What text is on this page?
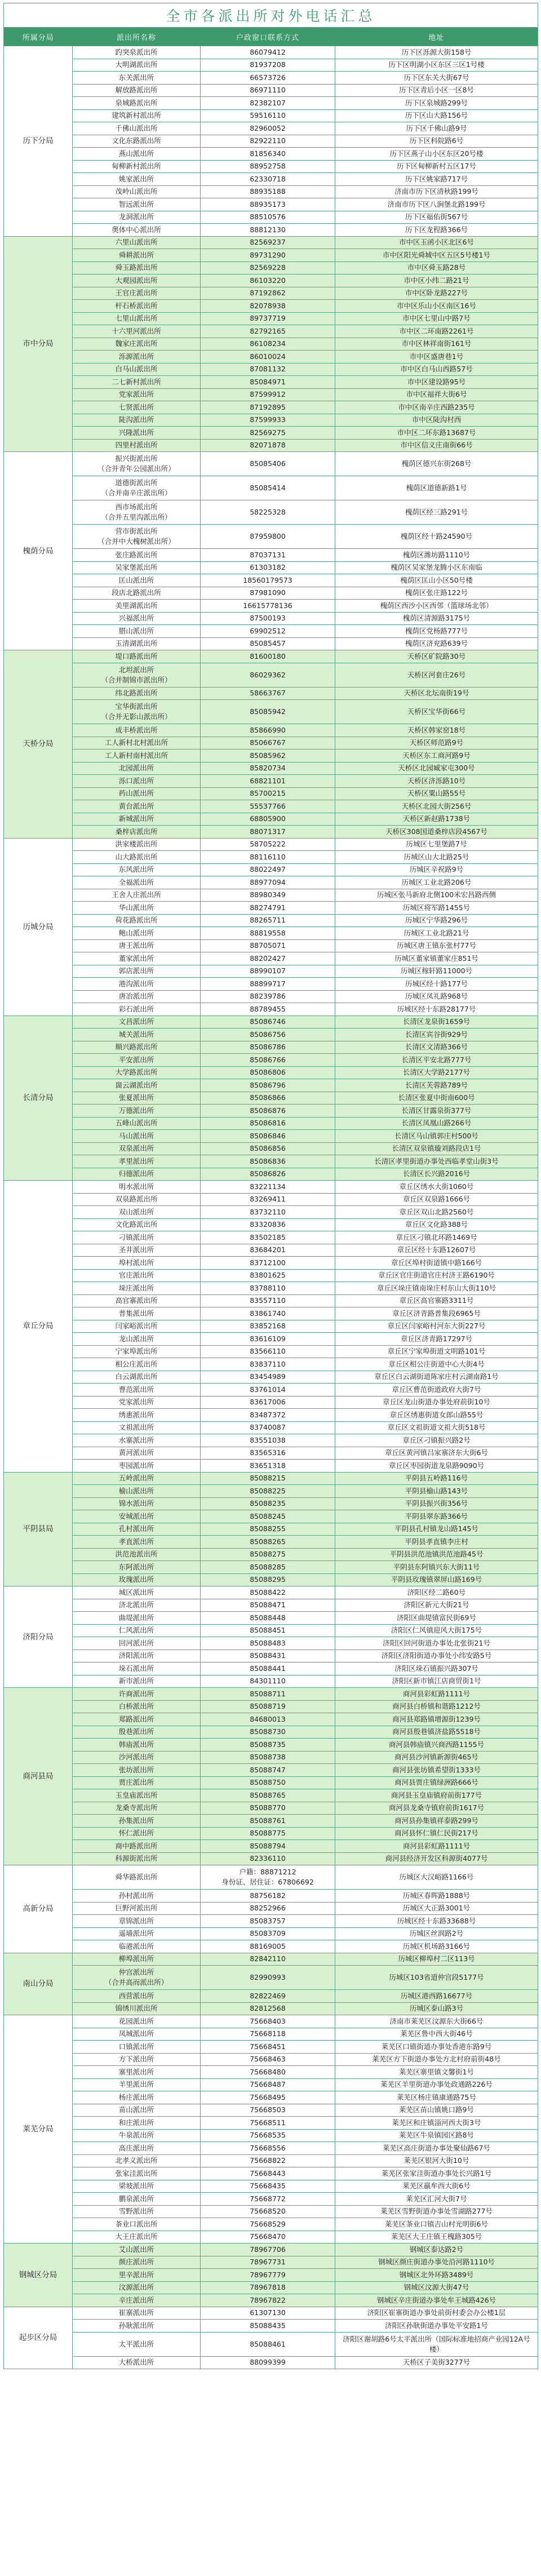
全市各派出所对外电话汇总			
所属分局	派出所名称	户政窗口联系方式	地址
历下分局	趵突泉派出所	86079412	历下区泺源大街158号

	大明湖派出所	81937208	历下区明湖小区东区三区1号楼

	东关派出所	66573726	历下区东关大街67号

	解放路派出所	86971110	历下区青后小区一区8号

	泉城路派出所	82382107	历下区泉城路299号

	建筑新村派出所	59516110	历下区山大路156号

	千佛山派出所	82960052	历下区千佛山路9号

	文化东路派出所	82922110	历下区科院路6号

	燕山派出所	81856340	历下区燕子山小区东区20号楼

	甸柳新村派出所	88952758	历下区甸柳新村五区17号

	姚家派出所	62330718	历下区姚家路717号

	茂岭山派出所	88935188	济南市历下区清秋路199号

	智远派出所	88935173	济南市历下区八涧堡北路199号

	龙洞派出所	88510576	历下区福佑街567号

	奥体中心派出所	88812130	历下区龙程路366号
市中分局	六里山派出所	82569237	市中区玉函小区北区6号

	舜耕派出所	89731290	市中区阳光舜城中区五区5号楼1号

	舜玉路派出所	82569228	市中区舜玉路28号

	大观园派出所	86103220	市中区小纬二路21号

	王官庄派出所	87192862	市中区卧龙路227号

	杆石桥派出所	82078938	市中区乐山小区南区16号

	七里山派出所	89737719	市中区七里山中路7号

	十六里河派出所	82792165	市中区二环南路2261号

	魏家庄派出所	86108234	市中区林祥南街161号

	泺源派出所	86010024	市中区盛唐巷1号

	白马山派出所	87081132	市中区白马山西路57号

	二七新村派出所	85084971	市中区建设路95号

	党家派出所	87599912	市中区福祥大街6号

	七贤派出所	87192895	市中区南辛庄西路235号

	陡沟派出所	87599933	市中区陡沟村西

	兴隆派出所	82569275	市中区二环东路13687号

	四里村派出所	82071878	市中区信义庄南街66号
槐荫分局	振兴街派出所
（合并青年公园派出所）	85085406	槐荫区德兴东街268号

	道德街派出所
（合并南辛庄派出所）	85085414	槐荫区道德新路1号

	西市场派出所
（合并五里沟派出所）	58225328	槐荫区经三路291号

	营市街派出所
（合并中大槐树派出所）	87959800	槐荫区经十路24590号

	张庄路派出所	87037131	槐荫区潍坊路1110号

	吴家堡派出所	61303182	槐荫区吴家堡龙腾小区东南临

	匡山派出所	18560179573	槐荫区匡山小区50号楼

	段店北路派出所	87981090	槐荫区张庄路122号

	美里湖派出所	16615778136	槐荫区西沙小区西邻（篮球场北邻）

	兴福派出所	87500193	槐荫区清源路3175号

	腊山派出所	69902512	槐荫区党杨路777号

	玉清湖派出所	85085457	槐荫区济兖路639号
天桥分局	堤口路派出所	81600180	天桥区矿院路30号

	北坦派出所
（合并制锦市派出所）	86029362	天桥区河套庄26号

	纬北路派出所	58663767	天桥区北坛南街19号

	宝华街派出所
（合并无影山派出所）	85085942	天桥区宝华街66号

	成丰桥派出所	85866990	天桥区韩家窑18号

	工人新村北村派出所	85066767	天桥区师范路9号

	工人新村南村派出所	85085962	天桥区东工商河路9号

	北园派出所	85820734	天桥区北园臧家屯300号

	泺口派出所	68821101	天桥区济泺路10号

	药山派出所	85700215	天桥区粟山路55号

	黄台派出所	55537766	天桥区北园大街256号

	新城派出所	68805900	天桥区新赵路1738号

	桑梓店派出所	88071317	天桥区308国道桑梓店段4567号
历城分局	洪家楼派出所	58705222	历城区七里堡路7号

	山大路派出所	88116110	历城区山大北路25号

	东风派出所	88022497	历城区辛祝路9号

	全福派出所	88977094	历城区工业北路206号

	王舍人庄派出所	88980349	历城区张马新府北侧100米宏昌路西侧

	华山派出所	88274791	历城区将军路1455号

	荷花路派出所	88265711	历城区宁华路296号

	鲍山派出所	88819558	历城区工业北路21号

	唐王派出所	88705071	历城区唐王镇东张村77号

	董家派出所	88202427	历城区董家镇董家庄851号

	郭店派出所	88990107	历城区稼轩路11000号

	港沟派出所	88899717	历城区经十路177号

	唐冶派出所	88239786	历城区凤礼路968号

	彩石派出所	88789455	历城区经十东路28177号
长清分局	文昌派出所	85086746	长清区龙泉街1659号

	城关派出所	85086756	长清区宾谷街929号

	顺兴路派出所	85086786	长清区文清路366号

	平安派出所	85086766	长清区平安北路777号

	大学路派出所	85086806	长清区大学路2177号

	崮云湖派出所	85086796	长清区芙蓉路789号

	张夏派出所	85086866	长清区张夏中街南600号

	万德派出所	85086876	长清区甘露泉街377号

	五峰山派出所	85086816	长清区凤凰山路266号

	马山派出所	85086846	长清区马山镇郭庄村500号

	双泉派出所	85086856	长清区双泉镇璇刘路段店1号

	孝里派出所	85086836	长清区孝里街道办事处西临孝堂山街3号

	归德派出所	85086826	长清区长兴路2016号
章丘分局	明水派出所	83221134	章丘区绣水大街1060号

	双泉路派出所	83269411	章丘区双泉路1666号

	双山派出所	83732110	章丘区双山北路2560号

	文化路派出所	83320836	章丘区文化路388号

	刁镇派出所	83502185	章丘区刁镇北环路1469号

	圣井派出所	83684201	章丘区经十东路12607号

	埠村派出所	83712100	章丘区埠村街道镇中路166号

	官庄派出所	83801625	章丘区官庄街道官庄村济王路6190号

	垛庄派出所	83788110	章丘区垛庄镇南垛庄村东山大街110号

	高官寨派出所	83557110	章丘区高官寨路3311号

	普集派出所	83861740	章丘区济青路普集段6965号

	闫家峪派出所	83852168	章丘区闫家峪村河东大街227号

	龙山派出所	83616109	章丘区济青路17297号

	宁家埠派出所	83566110	章丘区宁家埠街道文明路101号

	相公庄派出所	83837110	章丘区相公庄街道中心大街4号

	白云湖派出所	83454989	章丘区白云湖街道陈家庄村云湖南路1号

	曹范派出所	83761014	章丘区曹范街道政府大街7号

	党家派出所	83617006	章丘区龙山街道办事处府前街10号

	绣惠派出所	83487372	章丘区绣惠街道女郎山路55号

	文祖派出所	83740087	章丘区文祖街道文祖大街518号

	水寨派出所	83551038	章丘区刁镇振兴路2号

	黄河派出所	83565316	章丘区黄河镇吕家寨济东大街6号

	枣园派出所	83651318	章丘区枣园街道龙泉路9090号
平阴县局	五岭派出所	85088215	平阴县五岭路116号

	榆山派出所	85088225	平阴县榆山路143号

	锦水派出所	85088235	平阴县振兴街356号

	安城派出所	85088245	平阴县翠东路366号

	孔村派出所	85088255	平阴县孔村镇龙山路145号

	孝直派出所	85088265	平阴县孝直镇李庄村

	洪范池派出所	85088275	平阴县洪范池镇洪范池路45号

	东阿派出所	85088285	平阴县东阿镇兴东大街11号

	玫瑰派出所	85088295	平阴县玫瑰镇翠屏山路169号
济阳分局	城区派出所	85088422	济阳区经二路60号

	济北派出所	85088471	济阳区新元大街21号

	曲堤派出所	85088448	济阳区曲堤镇富民街69号

	仁风派出所	85088451	济阳区仁风镇迎风大街175号

	回河派出所	85088483	济阳区回河街道办事处北张街21号

	济阳派出所	85088431	济阳区济阳街道办事处小纬安路5号

	垛石派出所	85088441	济阳区垛石镇振兴路307号

	新市派出所	84301110	济阳区新市镇江店商贸街1号
商河县局	许商派出所	85088711	商河县彩虹路1111号

	白桥派出所	85088719	商河县白桥镇和谐路1212号

	郑路派出所	84680013	商河县郑路镇增源街1239号

	殷巷派出所	85088730	商河县殷巷镇济盐路5518号

	韩庙派出所	85088735	商河县韩庙镇兴商西路1155号

	沙河派出所	85088738	商河县沙河镇新源街465号

	张坊派出所	85088747	商河县张坊镇希望街1333号

	贾庄派出所	85088750	商河县贾庄镇绿洲路666号

	玉皇庙派出所	85088765	商河县玉皇庙镇府前街177号

	龙桑寺派出所	85088770	商河县龙桑寺镇府前街1617号

	孙集派出所	85088761	商河县孙集镇祥泰路299号

	怀仁派出所	85088775	商河县怀仁镇仁民街217号

	商中路派出所	85088794	商河县彩虹路1111号

	科源街派出所	82336110	商河县经济开发区科源街4077号
高新分局	舜华路派出所	户籍：88871212
身份证、居住证：67806692	历城区大汉峪路1166号

	孙村派出所	88756182	历城区春晖路1888号

	巨野河派出所	88252966	历城区大正路3001号

	章锦派出所	85083757	历城区经十东路33688号

	遥墙派出所	85083709	历城区丝润路2号

	临港派出所	88169005	历城区机场路3166号
南山分局	柳埠派出所	82842110	历城区柳埠村二区113号

	仲宫派出所
（合并高而派出所）	82990993	历城区103省道仲宫段5177号

	西营派出所	82822469	历城区港西路16677号

	锦绣川派出所	82812568	历城区泰山路3号
莱芜分局	花园派出所	75668403	济南市莱芜区汶源东大街66号

	凤城派出所	75668118	莱芜区鲁中西大街46号

	口镇派出所	75668451	莱芜区口镇街道办事处香港东路9号

	方下派出所	75668463	莱芜区方下街道办事处方北村府前街48号

	寨里派出所	75668480	莱芜区寨里镇文馨街1号

	羊里派出所	75668487	莱芜区羊里街道办事处政通路226号

	杨庄派出所	75668495	莱芜区杨庄镇康通路75号

	苗山派出所	75668503	莱芜区苗山镇姚口路9号

	和庄派出所	75668511	莱芜区和庄镇淄河西大街3号

	牛泉派出所	75668535	莱芜区牛泉镇园区路8号

	高庄派出所	75668556	莱芜区高庄街道办事处聚仙路67号

	北孝义派出所	75668822	莱芜区银河大街10号

	张家洼派出所	75668443	莱芜区张家洼街道办事处长兴路1号

	梁坡派出所	75668435	莱芜区嬴牟西大街6号

	鹏泉派出所	75668772	莱芜区汇河大街7号

	雪野派出所	75668520	莱芜区雪野街道办事处雪湖路277号

	茶业口派出所	75668529	莱芜区茶业口镇吉山村光明街6号

	大王庄派出所	75668470	莱芜区大王庄镇王槐路305号
钢城区分局	艾山派出所	78967706	钢城区泰达路2号

	颜庄派出所	78967731	钢城区颜庄街道办事处沿河路1110号

	里辛派出所	78967779	钢城区北外环路3489号

	汶源派出所	78967818	钢城区汶源大街47号

	辛庄派出所	78967822	钢城区辛庄街道办事处牟王城路426号
起步区分局	崔寨派出所	61307130	济阳区崔寨街道办事处前街村委会办公楼1层

	孙耿派出所	85088435	济阳区孙耿街道办事处平安路1号

	太平派出所	85088461	济阳区谢胡路6号太平派出所（国际标准地招商产业园12A号楼）

	大桥派出所	88099399	天桥区子美街3277号
